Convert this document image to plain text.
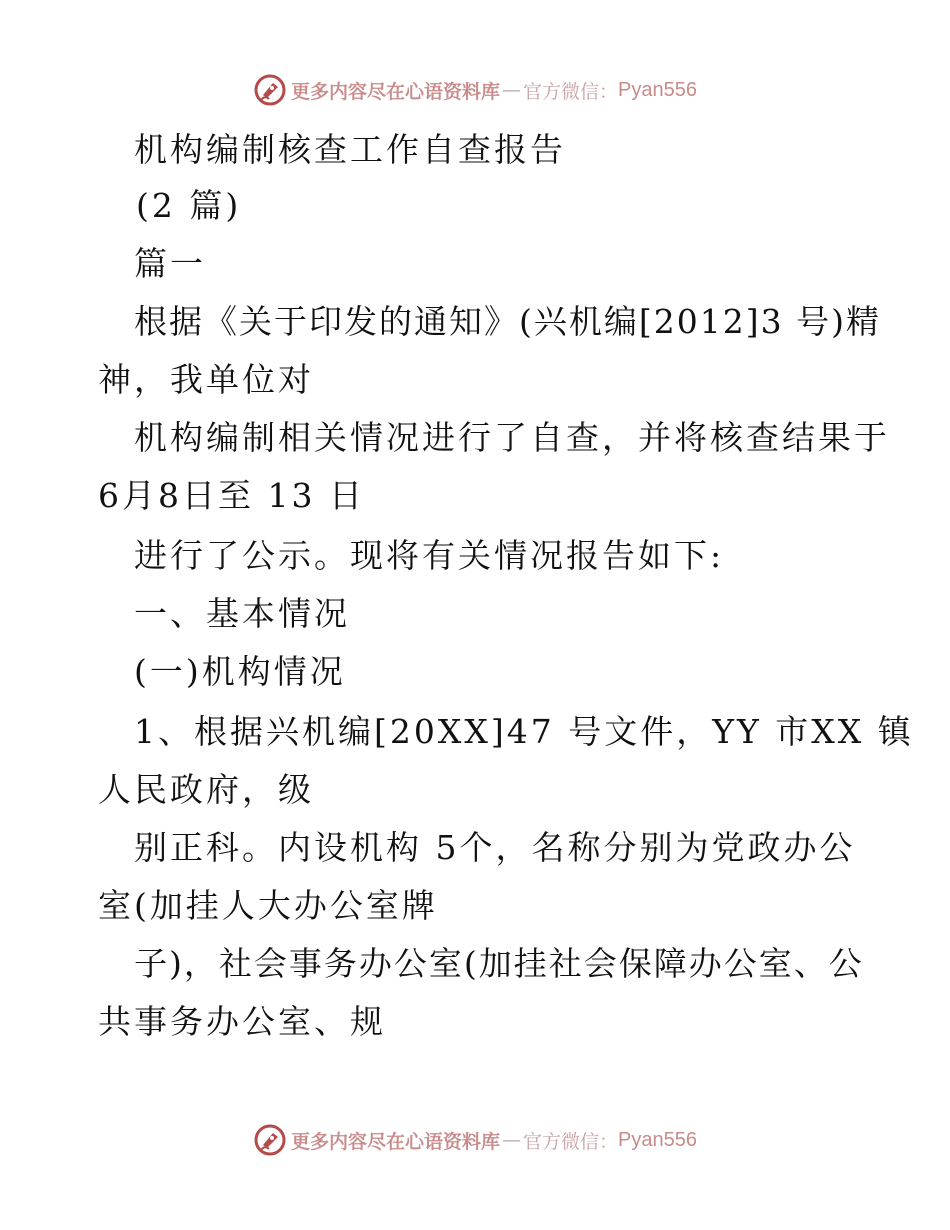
更多内容尽在心语资料库 — 官方微信： Pyan556
机构编制核查工作自查报告
(2 篇)
篇一
根据《关于印发的通知》(兴机编[2012]3 号)精
神，我单位对
机构编制相关情况进行了自查，并将核查结果于
6月8日至 13 日
进行了公示。现将有关情况报告如下:
一、基本情况
(一)机构情况
1、根据兴机编[20XX]47 号文件，YY 市XX 镇
人民政府，级
别正科。内设机构 5个，名称分别为党政办公
室(加挂人大办公室牌
子)，社会事务办公室(加挂社会保障办公室、公
共事务办公室、规
更多内容尽在心语资料库 — 官方微信： Pyan556
